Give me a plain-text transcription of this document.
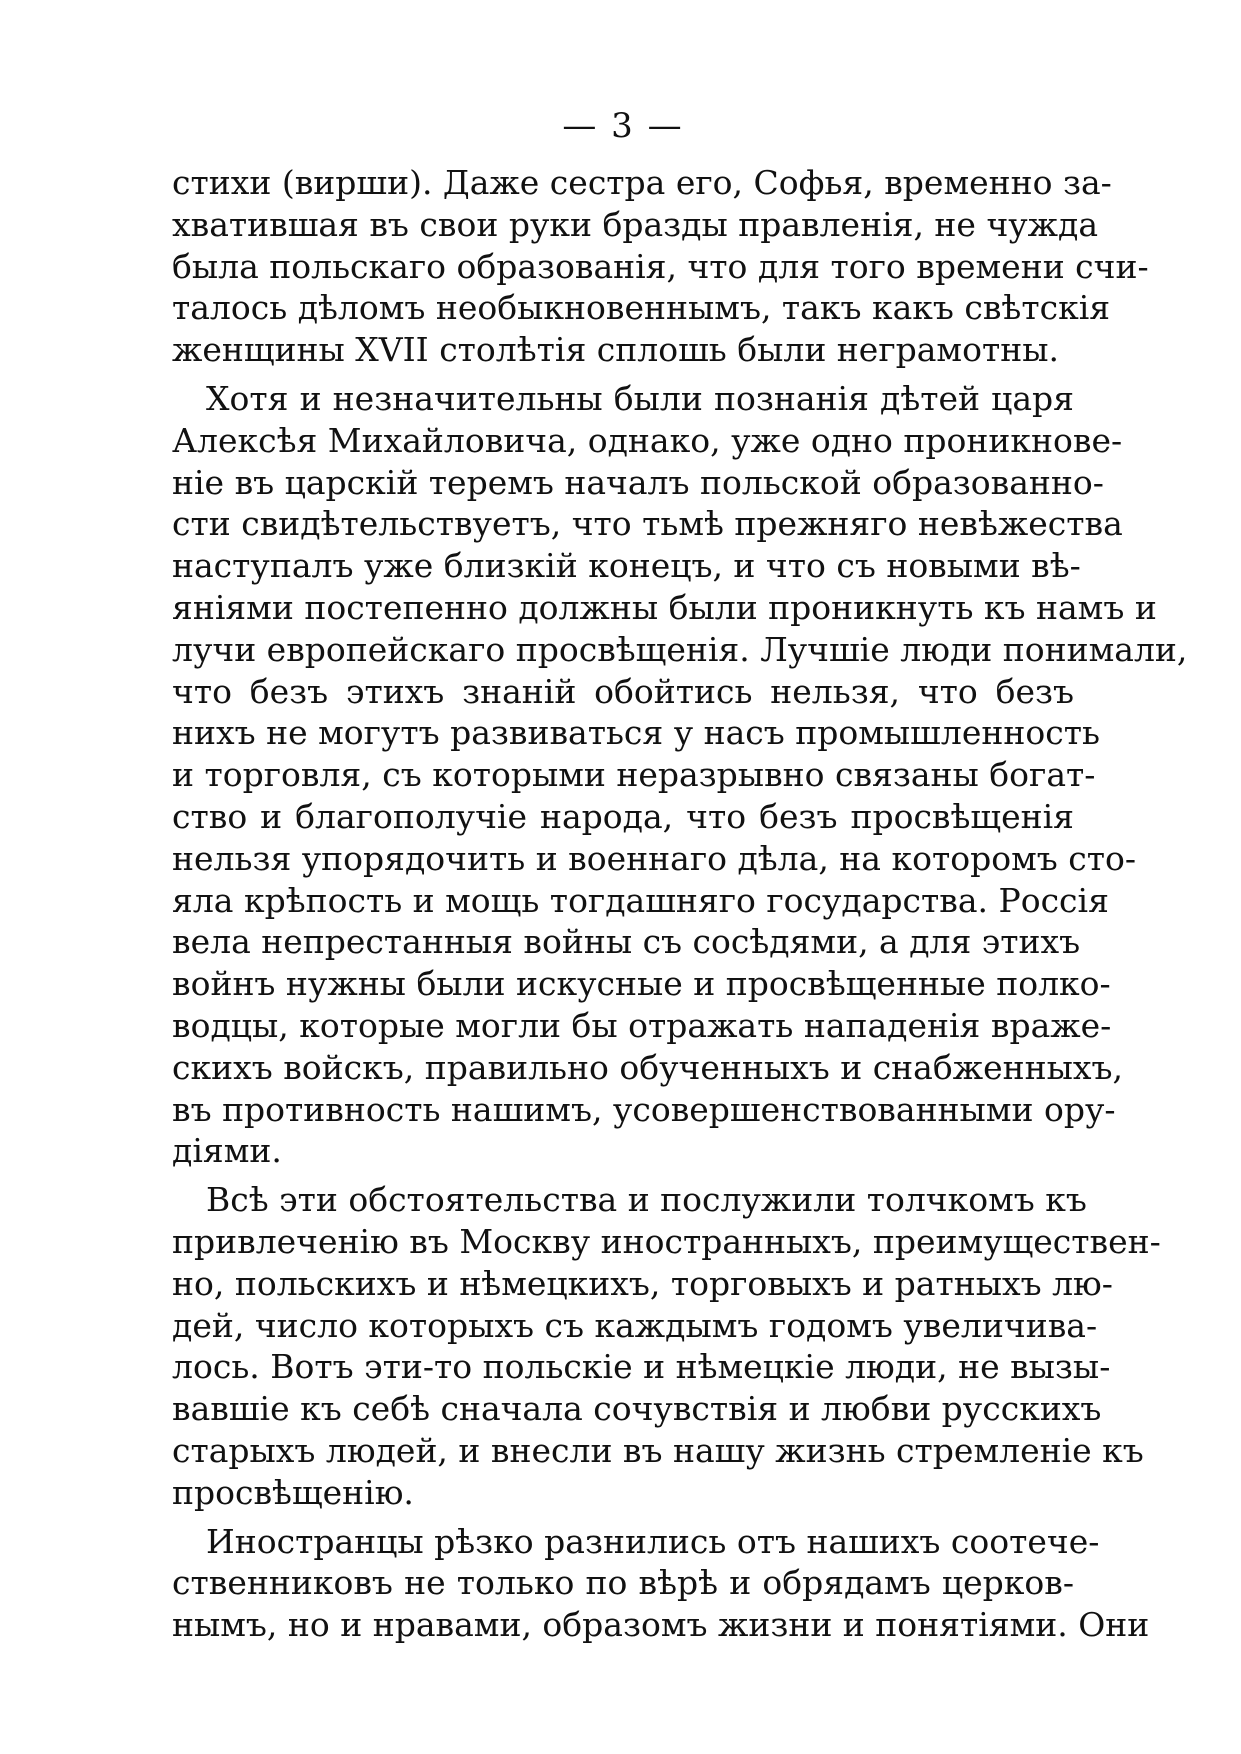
— 3 —
стихи (вирши). Даже сестра его, Софья, временно за-
хватившая въ свои руки бразды правленія, не чужда
была польскаго образованія, что для того времени счи-
талось дѣломъ необыкновеннымъ, такъ какъ свѣтскія
женщины XVII столѣтія сплошь были неграмотны.
Хотя и незначительны были познанія дѣтей царя
Алексѣя Михайловича, однако, уже одно проникнове-
ніе въ царскій теремъ началъ польской образованно-
сти свидѣтельствуетъ, что тьмѣ прежняго невѣжества
наступалъ уже близкій конецъ, и что съ новыми вѣ-
яніями постепенно должны были проникнуть къ намъ и
лучи европейскаго просвѣщенія. Лучшіе люди понимали,
что безъ этихъ знаній обойтись нельзя, что безъ
нихъ не могутъ развиваться у насъ промышленность
и торговля, съ которыми неразрывно связаны богат-
ство и благополучіе народа, что безъ просвѣщенія
нельзя упорядочить и военнаго дѣла, на которомъ сто-
яла крѣпость и мощь тогдашняго государства. Россія
вела непрестанныя войны съ сосѣдями, а для этихъ
войнъ нужны были искусные и просвѣщенные полко-
водцы, которые могли бы отражать нападенія враже-
скихъ войскъ, правильно обученныхъ и снабженныхъ,
въ противность нашимъ, усовершенствованными ору-
діями.
Всѣ эти обстоятельства и послужили толчкомъ къ
привлеченію въ Москву иностранныхъ, преимуществен-
но, польскихъ и нѣмецкихъ, торговыхъ и ратныхъ лю-
дей, число которыхъ съ каждымъ годомъ увеличива-
лось. Вотъ эти-то польскіе и нѣмецкіе люди, не вызы-
вавшіе къ себѣ сначала сочувствія и любви русскихъ
старыхъ людей, и внесли въ нашу жизнь стремленіе къ
просвѣщенію.
Иностранцы рѣзко разнились отъ нашихъ соотече-
ственниковъ не только по вѣрѣ и обрядамъ церков-
нымъ, но и нравами, образомъ жизни и понятіями. Они
